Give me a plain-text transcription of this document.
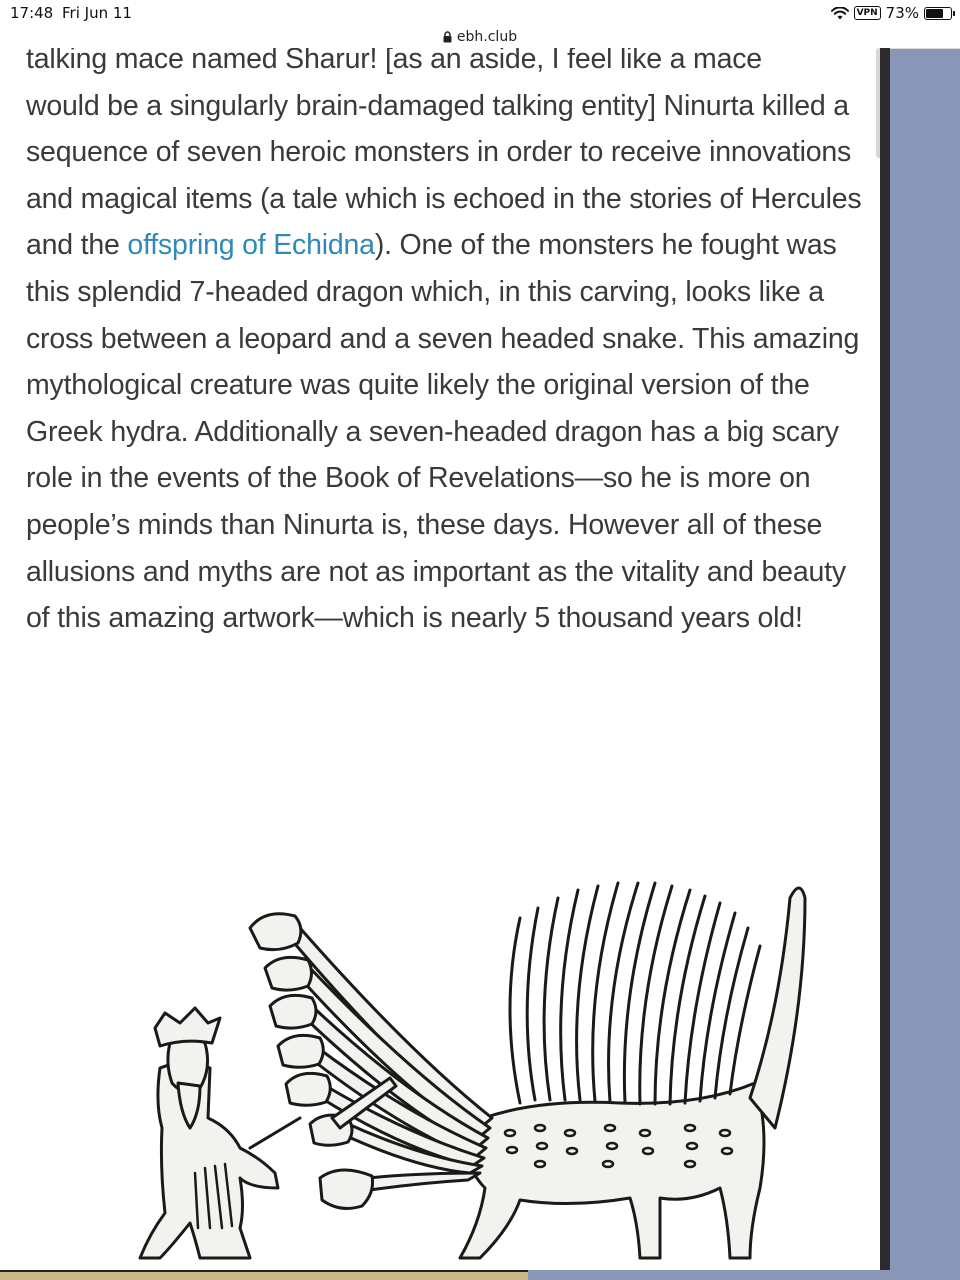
17:48 Fri Jun 11	VPN 73%
ebh.club
talking mace named Sharur! [as an aside, I feel like a mace
would be a singularly brain-damaged talking entity] Ninurta killed a sequence of seven heroic monsters in order to receive innovations and magical items (a tale which is echoed in the stories of Hercules and the offspring of Echidna). One of the monsters he fought was this splendid 7-headed dragon which, in this carving, looks like a cross between a leopard and a seven headed snake. This amazing mythological creature was quite likely the original version of the Greek hydra. Additionally a seven-headed dragon has a big scary role in the events of the Book of Revelations—so he is more on people’s minds than Ninurta is, these days. However all of these allusions and myths are not as important as the vitality and beauty of this amazing artwork—which is nearly 5 thousand years old!
